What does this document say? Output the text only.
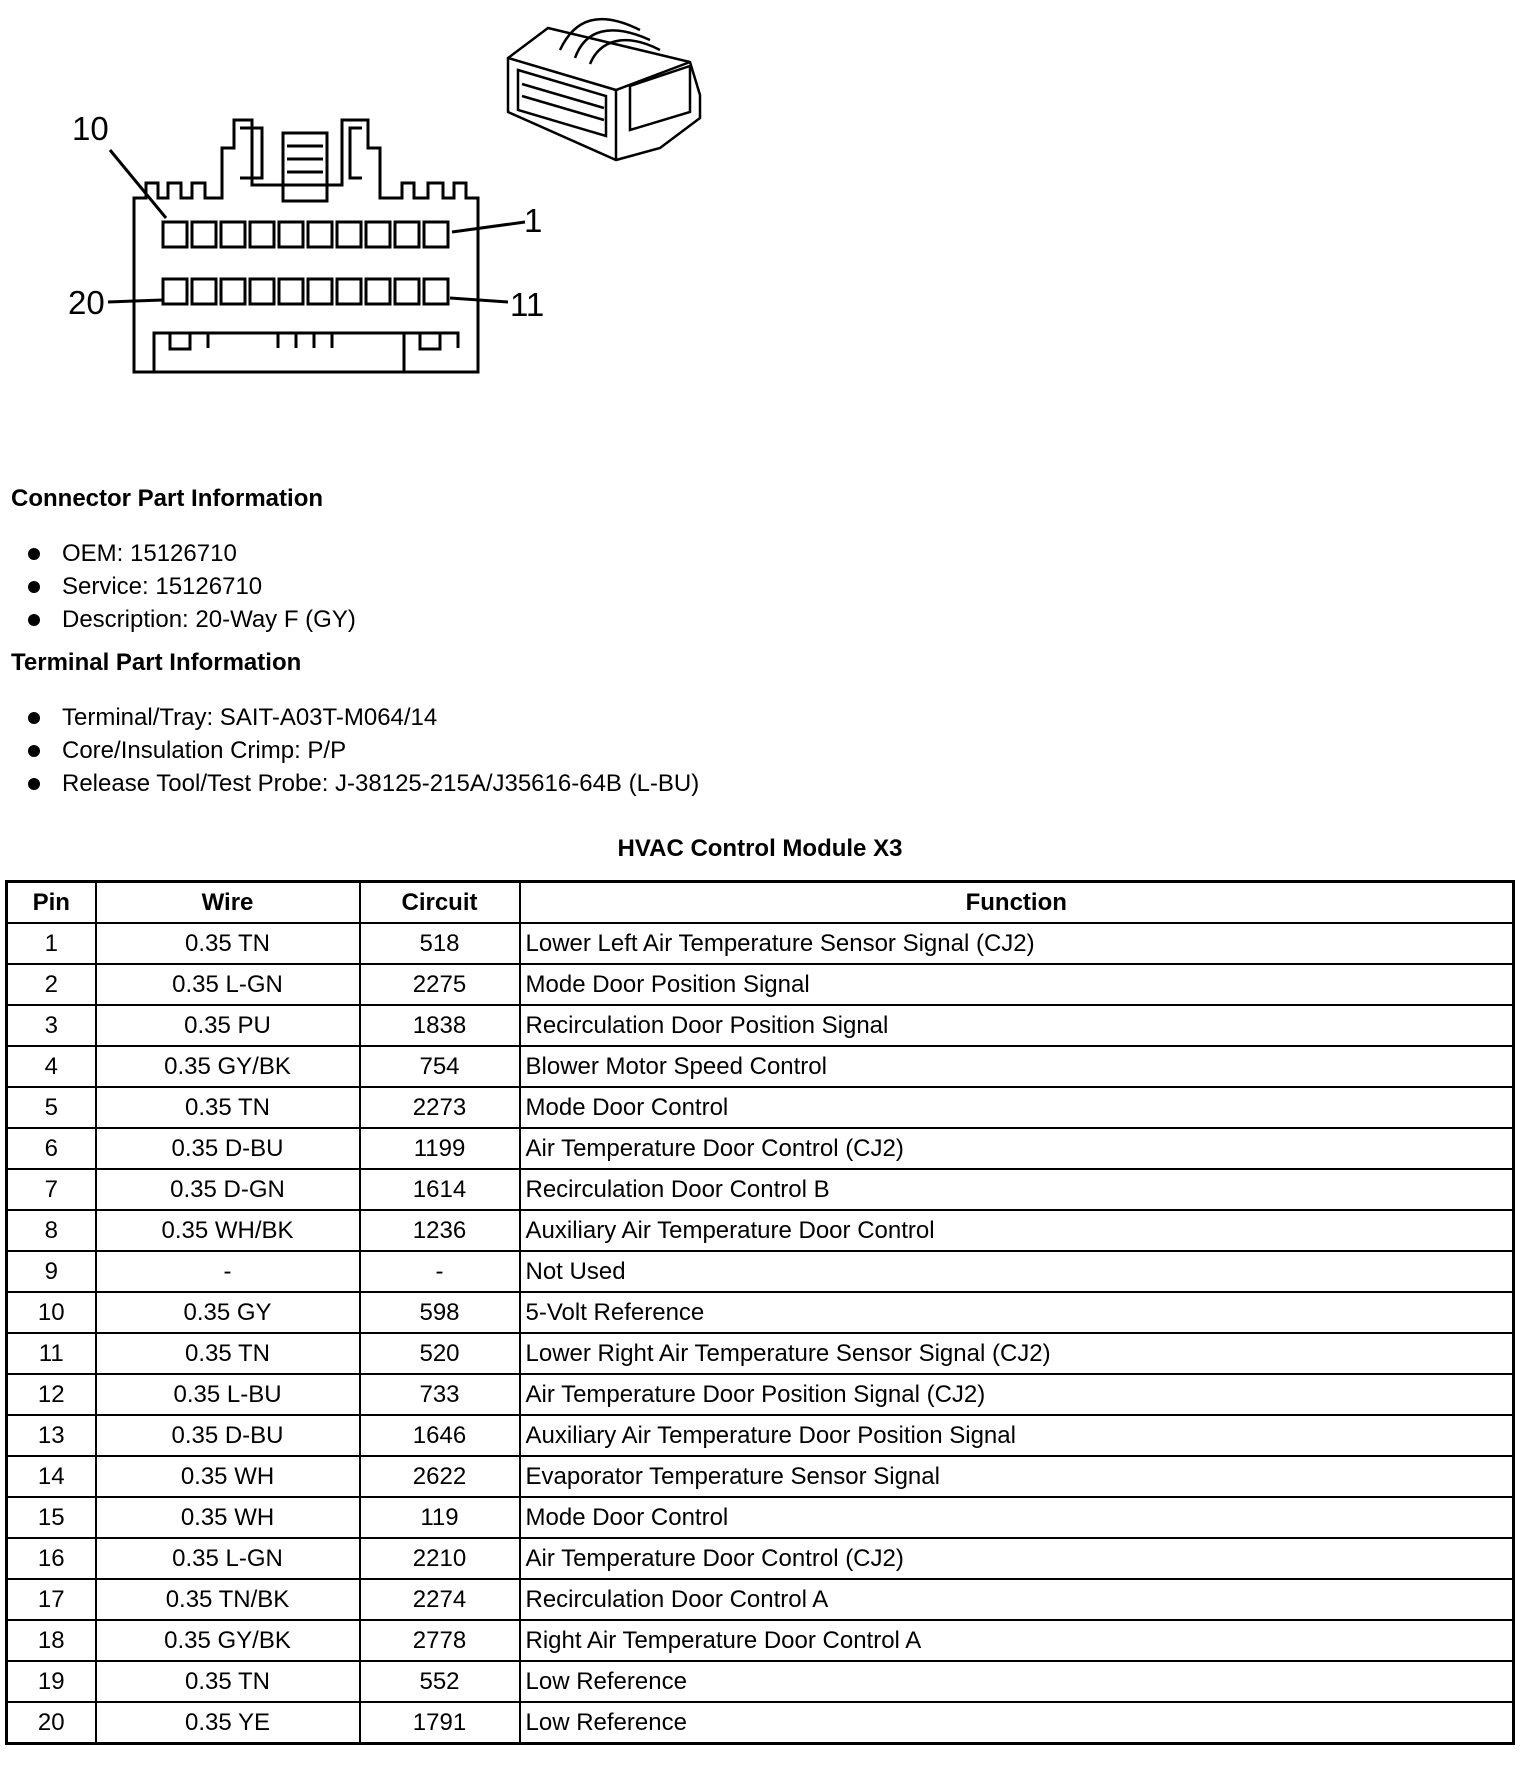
10
1
20	11
Connector Part Information
OEM: 15126710
Service: 15126710
Description: 20-Way F (GY)
Terminal Part Information
Terminal/Tray: SAIT-A03T-M064/14
Core/Insulation Crimp: P/P
Release Tool/Test Probe: J-38125-215A/J35616-64B (L-BU)
HVAC Control Module X3
Pin	Wire	Circuit	Function
1	0.35 TN	518	Lower Left Air Temperature Sensor Signal (CJ2)
2	0.35 L-GN	2275	Mode Door Position Signal
3	0.35 PU	1838	Recirculation Door Position Signal
4	0.35 GY/BK	754	Blower Motor Speed Control
5	0.35 TN	2273	Mode Door Control
6	0.35 D-BU	1199	Air Temperature Door Control (CJ2)
7	0.35 D-GN	1614	Recirculation Door Control B
8	0.35 WH/BK	1236	Auxiliary Air Temperature Door Control
9	-	-	Not Used
10	0.35 GY	598	5-Volt Reference
11	0.35 TN	520	Lower Right Air Temperature Sensor Signal (CJ2)
12	0.35 L-BU	733	Air Temperature Door Position Signal (CJ2)
13	0.35 D-BU	1646	Auxiliary Air Temperature Door Position Signal
14	0.35 WH	2622	Evaporator Temperature Sensor Signal
15	0.35 WH	119	Mode Door Control
16	0.35 L-GN	2210	Air Temperature Door Control (CJ2)
17	0.35 TN/BK	2274	Recirculation Door Control A
18	0.35 GY/BK	2778	Right Air Temperature Door Control A
19	0.35 TN	552	Low Reference
20	0.35 YE	1791	Low Reference
